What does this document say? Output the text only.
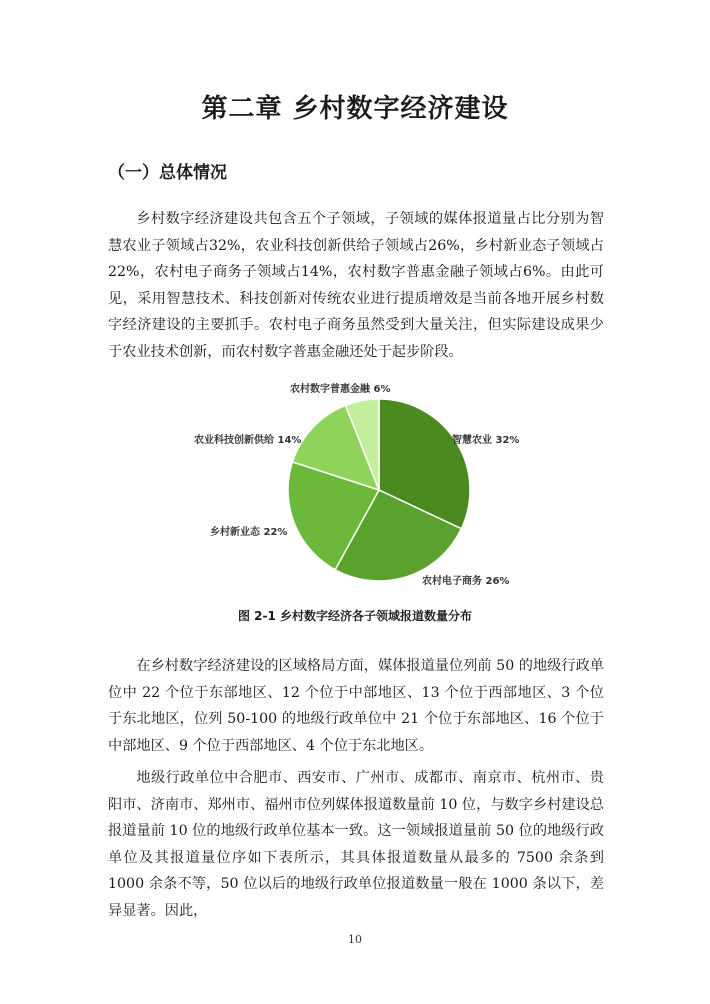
第二章 乡村数字经济建设
（一）总体情况

乡村数字经济建设共包含五个子领域，子领域的媒体报道量占比分别为智慧农业子领域占32%，农业科技创新供给子领域占26%，乡村新业态子领域占22%，农村电子商务子领域占14%，农村数字普惠金融子领域占6%。由此可见，采用智慧技术、科技创新对传统农业进行提质增效是当前各地开展乡村数字经济建设的主要抓手。农村电子商务虽然受到大量关注，但实际建设成果少于农业技术创新，而农村数字普惠金融还处于起步阶段。

智慧农业 32%
农村电子商务 26%
乡村新业态 22%
农业科技创新供给 14%
农村数字普惠金融 6%

图 2-1 乡村数字经济各子领域报道数量分布

在乡村数字经济建设的区域格局方面，媒体报道量位列前 50 的地级行政单位中 22 个位于东部地区、12 个位于中部地区、13 个位于西部地区、3 个位于东北地区，位列 50-100 的地级行政单位中 21 个位于东部地区、16 个位于中部地区、9 个位于西部地区、4 个位于东北地区。

地级行政单位中合肥市、西安市、广州市、成都市、南京市、杭州市、贵阳市、济南市、郑州市、福州市位列媒体报道数量前 10 位，与数字乡村建设总报道量前 10 位的地级行政单位基本一致。这一领域报道量前 50 位的地级行政单位及其报道量位序如下表所示，其具体报道数量从最多的 7500 余条到 1000 余条不等，50 位以后的地级行政单位报道数量一般在 1000 条以下，差异显著。因此，

10
